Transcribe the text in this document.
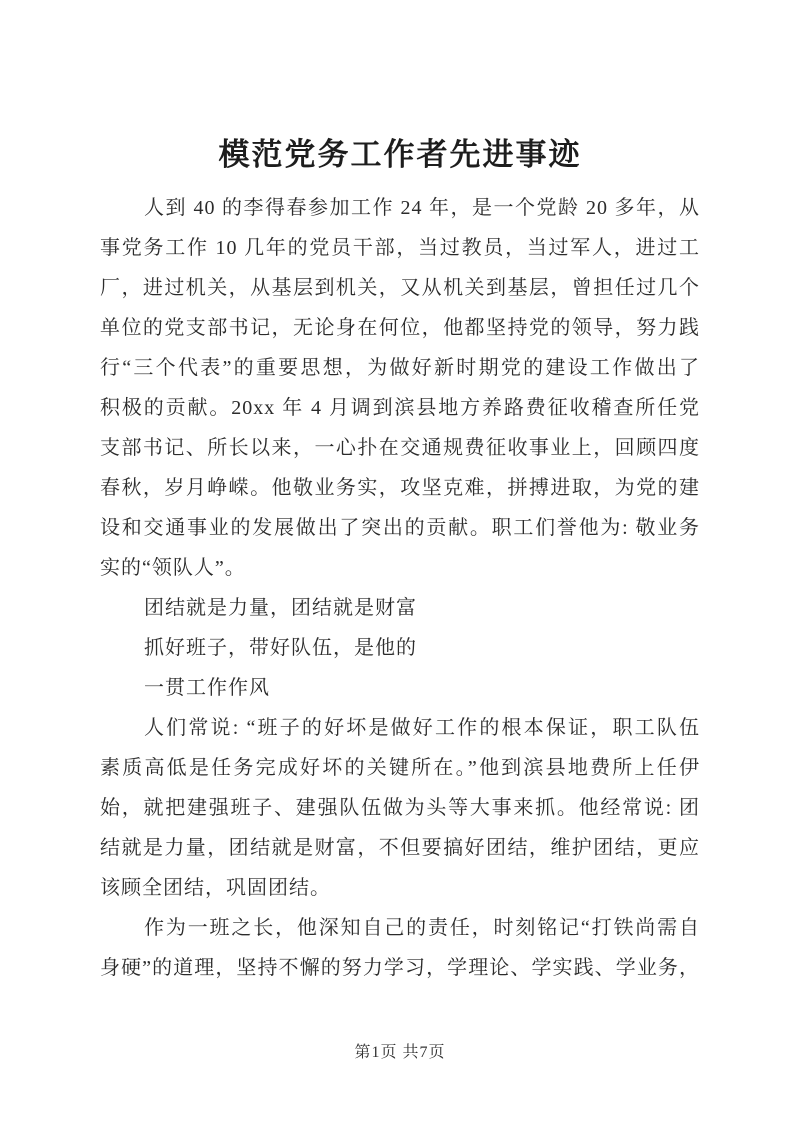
模范党务工作者先进事迹
人到 40 的李得春参加工作 24 年，是一个党龄 20 多年，从
事党务工作 10 几年的党员干部，当过教员，当过军人，进过工
厂，进过机关，从基层到机关，又从机关到基层，曾担任过几个
单位的党支部书记，无论身在何位，他都坚持党的领导，努力践
行“三个代表”的重要思想，为做好新时期党的建设工作做出了
积极的贡献。20xx 年 4 月调到滨县地方养路费征收稽查所任党
支部书记、所长以来，一心扑在交通规费征收事业上，回顾四度
春秋，岁月峥嵘。他敬业务实，攻坚克难，拼搏进取，为党的建
设和交通事业的发展做出了突出的贡献。职工们誉他为: 敬业务
实的“领队人”。
团结就是力量，团结就是财富
抓好班子，带好队伍，是他的
一贯工作作风
人们常说: “班子的好坏是做好工作的根本保证，职工队伍
素质高低是任务完成好坏的关键所在。”他到滨县地费所上任伊
始，就把建强班子、建强队伍做为头等大事来抓。他经常说: 团
结就是力量，团结就是财富，不但要搞好团结，维护团结，更应
该顾全团结，巩固团结。
作为一班之长，他深知自己的责任，时刻铭记“打铁尚需自
身硬”的道理，坚持不懈的努力学习，学理论、学实践、学业务，
第1页 共7页
